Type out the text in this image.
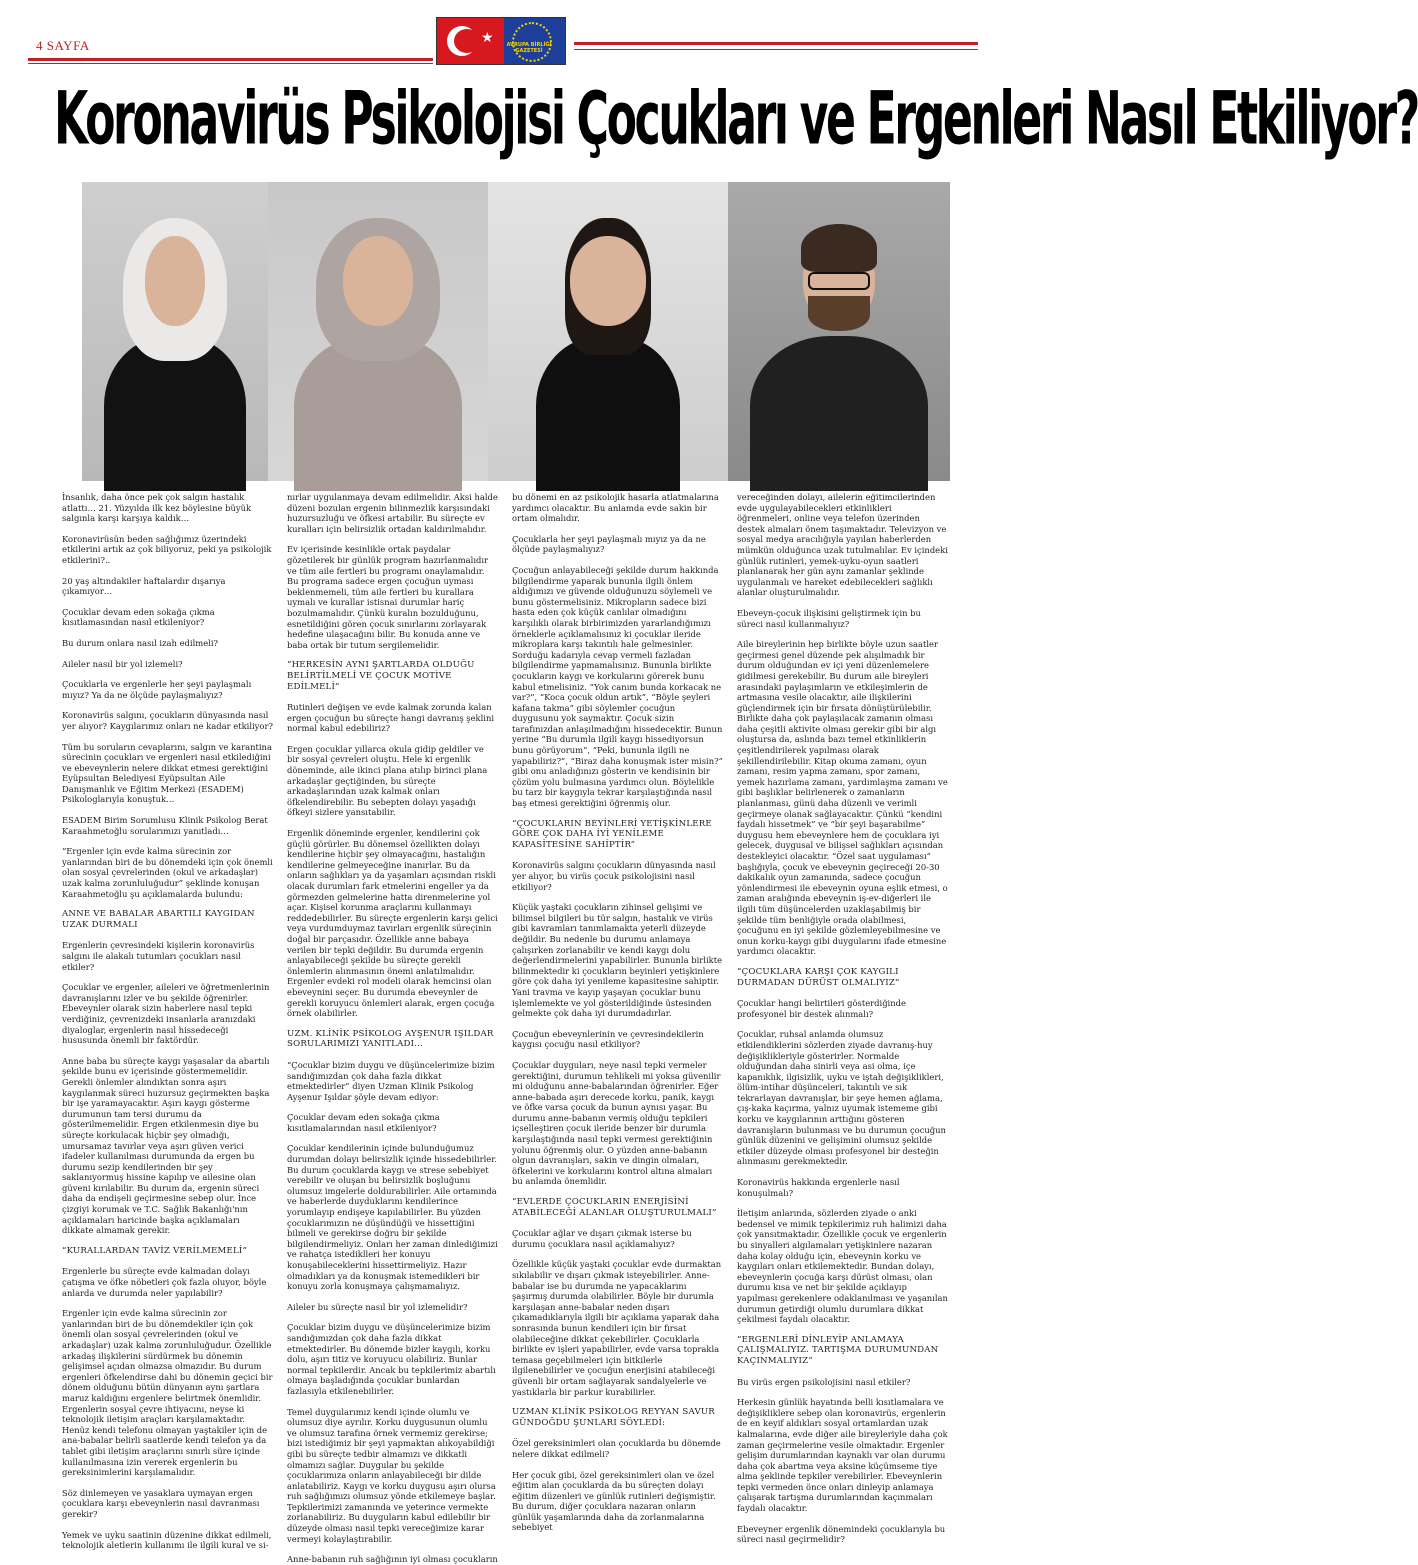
4 SAYFA	★	AVRUPA BİRLİĞİ GAZETESİ
Koronavirüs Psikolojisi Çocukları ve Ergenleri Nasıl Etkiliyor?

İnsanlık, daha önce pek çok salgın hastalık atlattı… 21. Yüzyılda ilk kez böylesine büyük salgınla karşı karşıya kaldık…

Koronavirüsün beden sağlığımız üzerindeki etkilerini artık az çok biliyoruz, peki ya psikolojik etkilerini?..

20 yaş altındakiler haftalardır dışarıya çıkamıyor…

Çocuklar devam eden sokağa çıkma kısıtlamasından nasıl etkileniyor?

Bu durum onlara nasıl izah edilmeli?

Aileler nasıl bir yol izlemeli?

Çocuklarla ve ergenlerle her şeyi paylaşmalı mıyız? Ya da ne ölçüde paylaşmalıyız?

Koronavirüs salgını, çocukların dünyasında nasıl yer alıyor? Kaygılarımız onları ne kadar etkiliyor?

Tüm bu soruların cevaplarını, salgın ve karantina sürecinin çocukları ve ergenleri nasıl etkilediğini ve ebeveynlerin nelere dikkat etmesi gerektiğini Eyüpsultan Belediyesi Eyüpsultan Aile Danışmanlık ve Eğitim Merkezi (ESADEM) Psikologlarıyla konuştuk…

ESADEM Birim Sorumlusu Klinik Psikolog Berat Karaahmetoğlu sorularımızı yanıtladı…

“Ergenler için evde kalma sürecinin zor yanlarından biri de bu dönemdeki için çok önemli olan sosyal çevrelerinden (okul ve arkadaşlar) uzak kalma zorunluluğudur” şeklinde konuşan Karaahmetoğlu şu açıklamalarda bulundu:

ANNE VE BABALAR ABARTILI KAYGIDAN UZAK DURMALI

Ergenlerin çevresindeki kişilerin koronavirüs salgını ile alakalı tutumları çocukları nasıl etkiler?

Çocuklar ve ergenler, aileleri ve öğretmenlerinin davranışlarını izler ve bu şekilde öğrenirler. Ebeveynler olarak sizin haberlere nasıl tepki verdiğiniz, çevrenizdeki insanlarla aranızdaki diyaloglar, ergenlerin nasıl hissedeceği hususunda önemli bir faktördür.

Anne baba bu süreçte kaygı yaşasalar da abartılı şekilde bunu ev içerisinde göstermemelidir. Gerekli önlemler alındıktan sonra aşırı kaygılanmak süreci huzursuz geçirmekten başka bir işe yaramayacaktır. Aşırı kaygı gösterme durumunun tam tersi durumu da gösterilmemelidir. Ergen etkilenmesin diye bu süreçte korkulacak hiçbir şey olmadığı, umursamaz tavırlar veya aşırı güven verici ifadeler kullanılması durumunda da ergen bu durumu sezip kendilerinden bir şey saklanıyormuş hissine kapılıp ve ailesine olan güveni kırılabilir. Bu durum da, ergenin süreci daha da endişeli geçirmesine sebep olur. İnce çizgiyi korumak ve T.C. Sağlık Bakanlığı'nın açıklamaları haricinde başka açıklamaları dikkate almamak gerekir.

“KURALLARDAN TAVİZ VERİLMEMELİ”

Ergenlerle bu süreçte evde kalmadan dolayı çatışma ve öfke nöbetleri çok fazla oluyor, böyle anlarda ve durumda neler yapılabilir?

Ergenler için evde kalma sürecinin zor yanlarından biri de bu dönemdekiler için çok önemli olan sosyal çevrelerinden (okul ve arkadaşlar) uzak kalma zorunluluğudur. Özellikle arkadaş ilişkilerini sürdürmek bu dönemin gelişimsel açıdan olmazsa olmazıdır. Bu durum ergenleri öfkelendirse dahi bu dönemin geçici bir dönem olduğunu bütün dünyanın aynı şartlara maruz kaldığını ergenlere belirtmek önemlidir. Ergenlerin sosyal çevre ihtiyacını, neyse ki teknolojik iletişim araçları karşılamaktadır. Henüz kendi telefonu olmayan yaştakiler için de ana-babalar belirli saatlerde kendi telefon ya da tablet gibi iletişim araçlarını sınırlı süre içinde kullanılmasına izin vererek ergenlerin bu gereksinimlerini karşılamalıdır.

Söz dinlemeyen ve yasaklara uymayan ergen çocuklara karşı ebeveynlerin nasıl davranması gerekir?

Yemek ve uyku saatinin düzenine dikkat edilmeli, teknolojik aletlerin kullanımı ile ilgili kural ve si-

nırlar uygulanmaya devam edilmelidir. Aksi halde düzeni bozulan ergenin bilinmezlik karşısındaki huzursuzluğu ve öfkesi artabilir. Bu süreçte ev kuralları için belirsizlik ortadan kaldırılmalıdır.

Ev içerisinde kesinlikle ortak paydalar gözetilerek bir günlük program hazırlanmalıdır ve tüm aile fertleri bu programı onaylamalıdır. Bu programa sadece ergen çocuğun uyması beklenmemeli, tüm aile fertleri bu kurallara uymalı ve kurallar istisnai durumlar hariç bozulmamalıdır. Çünkü kuralın bozulduğunu, esnetildiğini gören çocuk sınırlarını zorlayarak hedefine ulaşacağını bilir. Bu konuda anne ve baba ortak bir tutum sergilemelidir.

“HERKESİN AYNI ŞARTLARDA OLDUĞU BELİRTİLMELİ VE ÇOCUK MOTİVE EDİLMELİ”

Rutinleri değişen ve evde kalmak zorunda kalan ergen çocuğun bu süreçte hangi davranış şeklini normal kabul edebiliriz?

Ergen çocuklar yıllarca okula gidip geldiler ve bir sosyal çevreleri oluştu. Hele ki ergenlik döneminde, aile ikinci plana atılıp birinci plana arkadaşlar geçtiğinden, bu süreçte arkadaşlarından uzak kalmak onları öfkelendirebilir. Bu sebepten dolayı yaşadığı öfkeyi sizlere yansıtabilir.

Ergenlik döneminde ergenler, kendilerini çok güçlü görürler. Bu dönemsel özellikten dolayı kendilerine hiçbir şey olmayacağını, hastalığın kendilerine gelmeyeceğine inanırlar. Bu da onların sağlıkları ya da yaşamları açısından riskli olacak durumları fark etmelerini engeller ya da görmezden gelmelerine hatta direnmelerine yol açar. Kişisel korunma araçlarını kullanmayı reddedebilirler. Bu süreçte ergenlerin karşı gelici veya vurdumduymaz tavırları ergenlik süreçinin doğal bir parçasıdır. Özellikle anne babaya verilen bir tepki değildir. Bu durumda ergenin anlayabileceği şekilde bu süreçte gerekli önlemlerin alınmasının önemi anlatılmalıdır. Ergenler evdeki rol modeli olarak hemcinsi olan ebeveynini seçer. Bu durumda ebeveynler de gerekli koruyucu önlemleri alarak, ergen çocuğa örnek olabilirler.

UZM. KLİNİK PSİKOLOG AYŞENUR IŞILDAR SORULARIMIZI YANITLADI…

“Çocuklar bizim duygu ve düşüncelerimize bizim sandığımızdan çok daha fazla dikkat etmektedirler” diyen Uzman Klinik Psikolog Ayşenur Işıldar şöyle devam ediyor:

Çocuklar devam eden sokağa çıkma kısıtlamalarından nasıl etkileniyor?

Çocuklar kendilerinin içinde bulunduğumuz durumdan dolayı belirsizlik içinde hissedebilirler. Bu durum çocuklarda kaygı ve strese sebebiyet verebilir ve oluşan bu belirsizlik boşluğunu olumsuz imgelerle doldurabilirler. Aile ortamında ve haberlerde duyduklarını kendilerince yorumlayıp endişeye kapılabilirler. Bu yüzden çocuklarımızın ne düşündüğü ve hissettiğini bilmeli ve gerekirse doğru bir şekilde bilgilendirmeliyiz. Onları her zaman dinlediğimizi ve rahatça istediklleri her konuyu konuşabileceklerini hissettirmeliyiz. Hazır olmadıkları ya da konuşmak istemedikleri bir konuyu zorla konuşmaya çalışmamalıyız.

Aileler bu süreçte nasıl bir yol izlemelidir?

Çocuklar bizim duygu ve düşüncelerimize bizim sandığımızdan çok daha fazla dikkat etmektedirler. Bu dönemde bizler kaygılı, korku dolu, aşırı titiz ve koruyucu olabiliriz. Bunlar normal tepkilerdir. Ancak bu tepkilerimiz abartılı olmaya başladığında çocuklar bunlardan fazlasıyla etkilenebilirler.

Temel duygularımız kendi içinde olumlu ve olumsuz diye ayrılır. Korku duygusunun olumlu ve olumsuz tarafına örnek vermemiz gerekirse; bizi istediğimiz bir şeyi yapmaktan alıkoyabildiği gibi bu süreçte tedbir almamızı ve dikkatli olmamızı sağlar. Duygular bu şekilde çocuklarımıza onların anlayabileceği bir dilde anlatabiliriz. Kaygı ve korku duygusu aşırı olursa ruh sağlığımızı olumsuz yönde etkilemeye başlar. Tepkilerimizi zamanında ve yeterince vermekte zorlanabiliriz. Bu duyguların kabul edilebilir bir düzeyde olması nasıl tepki vereceğimize karar vermeyi kolaylaştırabilir.

Anne-babanın ruh sağlığının iyi olması çocukların

bu dönemi en az psikolojik hasarla atlatmalarına yardımcı olacaktır. Bu anlamda evde sakin bir ortam olmalıdır.

Çocuklarla her şeyi paylaşmalı mıyız ya da ne ölçüde paylaşmalıyız?

Çocuğun anlayabileceği şekilde durum hakkında bilgilendirme yaparak bununla ilgili önlem aldığımızı ve güvende olduğunuzu söylemeli ve bunu göstermelisiniz. Mikropların sadece bizi hasta eden çok küçük canlılar olmadığını karşılıklı olarak birbirimizden yararlandığımızı örneklerle açıklamalısınız ki çocuklar ileride mikroplara karşı takıntılı hale gelmesinler. Sorduğu kadarıyla cevap vermeli fazladan bilgilendirme yapmamalısınız. Bununla birlikte çocukların kaygı ve korkularını görerek bunu kabul etmelisiniz. “Yok canım bunda korkacak ne var?”, “Koca çocuk oldun artık”, “Böyle şeyleri kafana takma” gibi söylemler çocuğun duygusunu yok saymaktır. Çocuk sizin tarafınızdan anlaşılmadığını hissedecektir. Bunun yerine “Bu durumla ilgili kaygı hissediyorsun bunu görüyorum”, “Peki, bununla ilgili ne yapabiliriz?”, “Biraz daha konuşmak ister misin?” gibi onu anladığınızı gösterin ve kendisinin bir çözüm yolu bulmasına yardımcı olun. Böylelikle bu tarz bir kaygıyla tekrar karşılaştığında nasıl baş etmesi gerektiğini öğrenmiş olur.

“ÇOCUKLARIN BEYİNLERİ YETİŞKİNLERE GÖRE ÇOK DAHA İYİ YENİLEME KAPASİTESİNE SAHİPTİR”

Koronavirüs salgını çocukların dünyasında nasıl yer alıyor, bu virüs çocuk psikolojisini nasıl etkiliyor?

Küçük yaştaki çocukların zihinsel gelişimi ve bilimsel bilgileri bu tür salgın, hastalık ve virüs gibi kavramları tanımlamakta yeterli düzeyde değildir. Bu nedenle bu durumu anlamaya çalışırken zorlanabilir ve kendi kaygı dolu değerlendirmelerini yapabilirler. Bununla birlikte bilinmektedir ki çocukların beyinleri yetişkinlere göre çok daha iyi yenileme kapasitesine sahiptir. Yani travma ve kayıp yaşayan çocuklar bunu işlemlemekte ve yol gösterildiğinde üstesinden gelmekte çok daha iyi durumdadırlar.

Çocuğun ebeveynlerinin ve çevresindekilerin kaygısı çocuğu nasıl etkiliyor?

Çocuklar duyguları, neye nasıl tepki vermeler gerektiğini, durumun tehlikeli mi yoksa güvenilir mi olduğunu anne-babalarından öğrenirler. Eğer anne-babada aşırı derecede korku, panik, kaygı ve öfke varsa çocuk da bunun aynısı yaşar. Bu durumu anne-babanın vermiş olduğu tepkileri içselleştiren çocuk ileride benzer bir durumla karşılaştığında nasıl tepki vermesi gerektiğinin yolunu öğrenmiş olur. O yüzden anne-babanın olgun davranışları, sakin ve dingin olmaları, öfkelerini ve korkularını kontrol altına almaları bu anlamda önemlidir.

“EVLERDE ÇOCUKLARIN ENERJİSİNİ ATABİLECEĞİ ALANLAR OLUŞTURULMALI”

Çocuklar ağlar ve dışarı çıkmak isterse bu durumu çocuklara nasıl açıklamalıyız?

Özellikle küçük yaştaki çocuklar evde durmaktan sıkılabilir ve dışarı çıkmak isteyebilirler. Anne-babalar ise bu durumda ne yapacaklarını şaşırmış durumda olabilirler. Böyle bir durumla karşılaşan anne-babalar neden dışarı çıkamadıklarıyla ilgili bir açıklama yaparak daha sonrasında bunun kendileri için bir fırsat olabileceğine dikkat çekebilirler. Çocuklarla birlikte ev işleri yapabilirler, evde varsa toprakla temasa geçebilmeleri için bitkilerle ilgilenebilirler ve çocuğun enerjisini atabileceği güvenli bir ortam sağlayarak sandalyelerle ve yastıklarla bir parkur kurabilirler.

UZMAN KLİNİK PSİKOLOG REYYAN SAVUR GÜNDOĞDU ŞUNLARI SÖYLEDİ:

Özel gereksinimleri olan çocuklarda bu dönemde nelere dikkat edilmeli?

Her çocuk gibi, özel gereksinimleri olan ve özel eğitim alan çocuklarda da bu süreçten dolayı eğitim düzenleri ve günlük rutinleri değişmiştir. Bu durum, diğer çocuklara nazaran onların günlük yaşamlarında daha da zorlanmalarına sebebiyet

vereceğinden dolayı, ailelerin eğitimcilerinden evde uygulayabilecekleri etkinlikleri öğrenmeleri, online veya telefon üzerinden destek almaları önem taşımaktadır. Televizyon ve sosyal medya aracılığıyla yayılan haberlerden mümkün olduğunca uzak tutulmalılar. Ev içindeki günlük rutinleri, yemek-uyku-oyun saatleri planlanarak her gün aynı zamanlar şeklinde uygulanmalı ve hareket edebilecekleri sağlıklı alanlar oluşturulmalıdır.

Ebeveyn-çocuk ilişkisini geliştirmek için bu süreci nasıl kullanmalıyız?

Aile bireylerinin hep birlikte böyle uzun saatler geçirmesi genel düzende pek alışılmadık bir durum olduğundan ev içi yeni düzenlemelere gidilmesi gerekebilir. Bu durum aile bireyleri arasındaki paylaşımların ve etkileşimlerin de artmasına vesile olacaktır, aile ilişkilerini güçlendirmek için bir fırsata dönüştürülebilir. Birlikte daha çok paylaşılacak zamanın olması daha çeşitli aktivite olması gerekir gibi bir algı oluştursa da, aslında bazı temel etkinliklerin çeşitlendirilerek yapılması olarak şekillendirilebilir. Kitap okuma zamanı, oyun zamanı, resim yapma zamanı, spor zamanı, yemek hazırlama zamanı, yardımlaşma zamanı ve gibi başlıklar belirlenerek o zamanların planlanması, günü daha düzenli ve verimli geçirmeye olanak sağlayacaktır. Çünkü “kendini faydalı hissetmek” ve “bir şeyi başarabilme” duygusu hem ebeveynlere hem de çocuklara iyi gelecek, duygusal ve bilişsel sağlıkları açısından destekleyici olacaktır. “Özel saat uygulaması” başlığıyla, çocuk ve ebeveynin geçireceği 20-30 dakikalık oyun zamanında, sadece çocuğun yönlendirmesi ile ebeveynin oyuna eşlik etmesi, o zaman aralığında ebeveynin iş-ev-diğerleri ile ilgili tüm düşüncelerden uzaklaşabilmiş bir şekilde tüm benliğiyle orada olabilmesi, çocuğunu en iyi şekilde gözlemleyebilmesine ve onun korku-kaygı gibi duygularını ifade etmesine yardımcı olacaktır.

“ÇOCUKLARA KARŞI ÇOK KAYGILI DURMADAN DÜRÜST OLMALIYIZ”

Çocuklar hangi belirtileri gösterdiğinde profesyonel bir destek alınmalı?

Çocuklar, ruhsal anlamda olumsuz etkilendiklerini sözlerden ziyade davranış-huy değişiklikleriyle gösterirler. Normalde olduğundan daha sinirli veya asi olma, içe kapanıklık, ilgisizlik, uyku ve iştah değişiklikleri, ölüm-intihar düşünceleri, takıntılı ve sık tekrarlayan davranışlar, bir şeye hemen ağlama, çış-kaka kaçırma, yalnız uyumak istememe gibi korku ve kaygılarının arttığını gösteren davranışların bulunması ve bu durumun çocuğun günlük düzenini ve gelişimini olumsuz şekilde etkiler düzeyde olması profesyonel bir desteğin alınmasını gerekmektedir.

Koronavirüs hakkında ergenlerle nasıl konuşulmalı?

İletişim anlarında, sözlerden ziyade o anki bedensel ve mimik tepkilerimiz ruh halimizi daha çok yansıtmaktadır. Özellikle çocuk ve ergenlerin bu sinyalleri algılamaları yetişkinlere nazaran daha kolay olduğu için, ebeveynin korku ve kaygıları onları etkilemektedir. Bundan dolayı, ebeveynlerin çocuğa karşı dürüst olması, olan durumu kısa ve net bir şekilde açıklayıp yapılması gerekenlere odaklanılması ve yaşanılan durumun getirdiği olumlu durumlara dikkat çekilmesi faydalı olacaktır.

“ERGENLERİ DİNLEYİP ANLAMAYA ÇALIŞMALIYIZ. TARTIŞMA DURUMUNDAN KAÇINMALIYIZ”

Bu virüs ergen psikolojisini nasıl etkiler?

Herkesin günlük hayatında belli kısıtlamalara ve değişikliklere sebep olan koronavirüs, ergenlerin de en keyif aldıkları sosyal ortamlardan uzak kalmalarına, evde diğer aile bireyleriyle daha çok zaman geçirmelerine vesile olmaktadır. Ergenler gelişim durumlarından kaynaklı var olan durumu daha çok abartma veya aksine küçümseme tiye alma şeklinde tepkiler verebilirler. Ebeveynlerin tepki vermeden önce onları dinleyip anlamaya çalışarak tartışma durumlarından kaçınmaları faydalı olacaktır.

Ebeveyner ergenlik dönemindeki çocuklarıyla bu süreci nasıl geçirmelidir?
